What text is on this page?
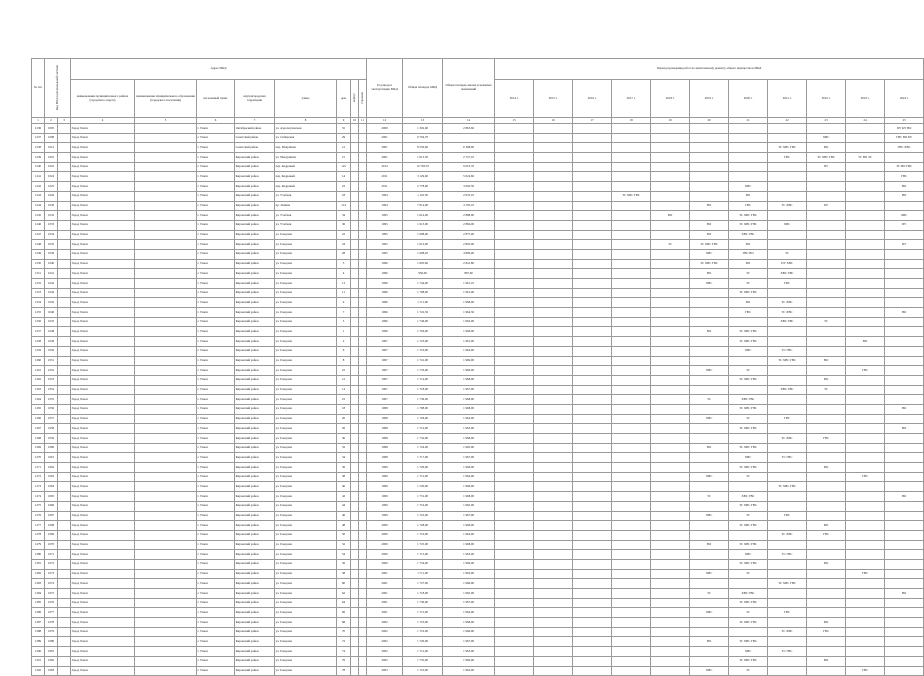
№ п/п	Код МКД в региональной системе		Адрес МКД								Год ввода в эксплуатацию МКД	Общая площадь МКД	Общая площадь жилых и нежилых помещений	Период проведения работ по капитальному ремонту общего имущества в МКД										
			наименование муниципального района (городского округа)	наименование муниципального образования (городского поселения)	населенный пункт	внутригородская территория	улица	дом	корпус	строение				2014 г.	2015 г.	2016 г.	2017 г.	2018 г.	2019 г.	2020 г.	2021 г.	2022 г.	2023 г.	2024 г.
1	2	3	4	5	6	7	8	9	10	11	12	13	14	15	16	17	18	19	20	21	22	23	24	25
1236	1005		Город Томск		г. Томск	Октябрьский район	ул. Аэропортовская	55			2000	1 392,60	2 863,60											ПУ КУ ВО
1237	1008		Город Томск		г. Томск	Советский район	ул. Сибирская	29			2001	6 704,70										ХВС		ГВС ВО КУ
1238	1012		Город Томск		г. Томск	Советский район	пер. Макушина	12			2001	8 550,60	6 308,60								ТС ХВС ГВС	ВО		ГВС ХВС
1239	1016		Город Томск		г. Томск	Кировский район	ул. Мокрушина	15			2001	1 613,50	2 727,10								ГВС	ТС ХВС ГВС	ТС ВО ЭС	
1240	1022		Город Томск		г. Томск	Кировский район	пер. Кедровый	12а			2014	12 728,70	9 010,70									ПУ		ЭС ВО ГВС
1241	1024		Город Томск		г. Томск	Кировский район	пер. Кедровый	14			2011	3 129,60	5 024,60											ГВС
1242	1025		Город Томск		г. Томск	Кировский район	пер. Кедровый	16			2011	2 778,60	3 092,50							ХВС				ВО
1243	1026		Город Томск		г. Томск	Кировский район	ул. Учебная	18			1994	1 116,50	2 935,10				ТС ХВС ГВС			ВО				ВО
1244	1030		Город Томск		г. Томск	Кировский район	пр. Ленина	114			1994	7 014,00	4 795,10						ВО	ГВС	ТС ХВС	КУ		
1245	1032		Город Томск		г. Томск	Кировский район	ул. Учебная	34			1995	1 614,00	2 888,00					ВО		ТС ХВС ГВС				ХВС
1246	1033		Город Томск		г. Томск	Кировский район	ул. Учебная	36			1995	1 613,00	2 884,00						ВО	ТС ХВС ГВС	ХВС			ПУ
1247	1034		Город Томск		г. Томск	Кировский район	ул. Говорова	22			1995	1 608,00	2 875,00						ВО	ХВС ГВС				
1248	1035		Город Томск		г. Томск	Кировский район	ул. Говорова	24			1995	1 612,00	2 893,00					ТС	ТС ХВС ГВС	ВО				ПУ
1249	1039		Город Томск		г. Томск	Кировский район	ул. Говорова	28			1995	1 608,20	4 896,00						ХВС	ГВС ВО	ТС			
1250	1040		Город Томск		г. Томск	Кировский район	ул. Говорова	3			1996	1 605,60	2 841,80						ТС ХВС ГВС	ВО	ПУ ХВС			
1251	1041		Город Томск		г. Томск	Кировский район	ул. Говорова	4			1996	956,00	897,60						ВО	ТС	ХВС ГВС			
1252	1042		Город Томск		г. Томск	Кировский район	ул. Говорова	13			1996	1 744,00	1 961,10						ХВС	ТС	ГВС			
1253	1044		Город Томск		г. Томск	Кировский район	ул. Говорова	11			1996	1 708,00	1 961,00							ТС ХВС ГВС				
1254	1045		Город Томск		г. Томск	Кировский район	ул. Говорова	9			1996	1 711,00	1 968,00							ВО	ТС ХВС			
1255	1046		Город Томск		г. Томск	Кировский район	ул. Говорова	7			1996	1 722,50	1 964,30							ГВС	ТС ХВС			ВО
1256	1047		Город Томск		г. Томск	Кировский район	ул. Говорова	5			1996	1 746,00	1 962,00								ХВС ГВС	ТС		
1257	1048		Город Томск		г. Томск	Кировский район	ул. Говорова	1			1996	1 704,00	1 966,00						ВО	ТС ХВС ГВС				
1258	1049		Город Томск		г. Томск	Кировский район	ул. Говорова	2			1997	1 723,00	1 961,00							ТС ХВС ГВС			ВО	
1259	1050		Город Томск		г. Томск	Кировский район	ул. Говорова	6			1997	1 716,00	1 964,00							ХВС	ТС ГВС			
1260	1051		Город Томск		г. Томск	Кировский район	ул. Говорова	8			1997	1 741,00	1 969,00								ТС ХВС ГВС	ВО		
1261	1052		Город Томск		г. Томск	Кировский район	ул. Говорова	10			1997	1 733,00	1 966,00						ХВС	ТС			ГВС	
1262	1053		Город Томск		г. Томск	Кировский район	ул. Говорова	12			1997	1 714,00	1 968,00							ТС ХВС ГВС		ВО		
1263	1054		Город Томск		г. Томск	Кировский район	ул. Говорова	14			1997	1 718,00	1 967,00								ХВС ГВС	ТС		
1264	1055		Город Томск		г. Томск	Кировский район	ул. Говорова	16			1997	1 736,00	1 968,00						ТС	ХВС ГВС				
1265	1056		Город Томск		г. Томск	Кировский район	ул. Говорова	18			1998	1 708,00	1 968,00							ТС ХВС ГВС				ВО
1266	1057		Город Томск		г. Томск	Кировский район	ул. Говорова	20			1998	1 726,00	1 964,00						ХВС	ТС	ГВС			
1267	1058		Город Томск		г. Томск	Кировский район	ул. Говорова	26			1998	1 714,00	1 963,00							ТС ХВС ГВС				ВО
1268	1059		Город Томск		г. Томск	Кировский район	ул. Говорова	30			1998	1 732,00	1 968,00								ТС ХВС	ГВС		
1269	1060		Город Томск		г. Томск	Кировский район	ул. Говорова	32			1998	1 724,00	1 965,00						ВО	ТС ХВС ГВС				
1270	1061		Город Томск		г. Томск	Кировский район	ул. Говорова	34			1998	1 717,00	1 967,00							ХВС	ТС ГВС			
1271	1062		Город Томск		г. Томск	Кировский район	ул. Говорова	36			1999	1 729,00	1 966,00							ТС ХВС ГВС		ВО		
1272	1063		Город Томск		г. Томск	Кировский район	ул. Говорова	38			1999	1 712,00	1 964,00						ХВС	ТС			ГВС	
1273	1064		Город Томск		г. Томск	Кировский район	ул. Говорова	40			1999	1 720,00	1 966,00								ТС ХВС ГВС			
1274	1065		Город Томск		г. Томск	Кировский район	ул. Говорова	42			1999	1 731,00	1 968,00						ТС	ХВС ГВС				ВО
1275	1066		Город Томск		г. Томск	Кировский район	ул. Говорова	44			1999	1 716,00	1 965,00							ТС ХВС ГВС				
1276	1067		Город Томск		г. Томск	Кировский район	ул. Говорова	46			1999	1 722,00	1 967,00						ХВС	ТС	ГВС			
1277	1068		Город Томск		г. Томск	Кировский район	ул. Говорова	48			2000	1 728,00	1 966,00							ТС ХВС ГВС		ВО		
1278	1069		Город Томск		г. Томск	Кировский район	ул. Говорова	50			2000	1 719,00	1 964,00								ТС ХВС	ГВС		
1279	1070		Город Томск		г. Томск	Кировский район	ул. Говорова	52			2000	1 725,00	1 968,00						ВО	ТС ХВС ГВС				
1280	1071		Город Томск		г. Томск	Кировский район	ул. Говорова	54			2000	1 713,00	1 963,00							ХВС	ТС ГВС			
1281	1072		Город Томск		г. Томск	Кировский район	ул. Говорова	56			2000	1 734,00	1 969,00							ТС ХВС ГВС		ВО		
1282	1073		Город Томск		г. Томск	Кировский район	ул. Говорова	58			2001	1 711,00	1 962,00						ХВС	ТС			ГВС	
1283	1074		Город Томск		г. Томск	Кировский район	ул. Говорова	60			2001	1 727,00	1 966,00								ТС ХВС ГВС			
1284	1075		Город Томск		г. Томск	Кировский район	ул. Говорова	62			2001	1 718,00	1 965,00						ТС	ХВС ГВС				ВО
1285	1076		Город Томск		г. Томск	Кировский район	ул. Говорова	64			2001	1 730,00	1 967,00							ТС ХВС ГВС				
1286	1077		Город Томск		г. Томск	Кировский район	ул. Говорова	66			2001	1 715,00	1 964,00						ХВС	ТС	ГВС			
1287	1078		Город Томск		г. Томск	Кировский район	ул. Говорова	68			2002	1 723,00	1 968,00							ТС ХВС ГВС		ВО		
1288	1079		Город Томск		г. Томск	Кировский район	ул. Говорова	70			2002	1 716,00	1 966,00								ТС ХВС	ГВС		
1289	1080		Город Томск		г. Томск	Кировский район	ул. Говорова	72			2002	1 729,00	1 967,00						ВО	ТС ХВС ГВС				
1290	1081		Город Томск		г. Томск	Кировский район	ул. Говорова	74			2002	1 712,00	1 963,00							ХВС	ТС ГВС			
1291	1082		Город Томск		г. Томск	Кировский район	ул. Говорова	76			2002	1 735,00	1 969,00							ТС ХВС ГВС		ВО		
1292	1083		Город Томск		г. Томск	Кировский район	ул. Говорова	78			2003	1 710,00	1 962,00						ХВС	ТС			ГВС	
